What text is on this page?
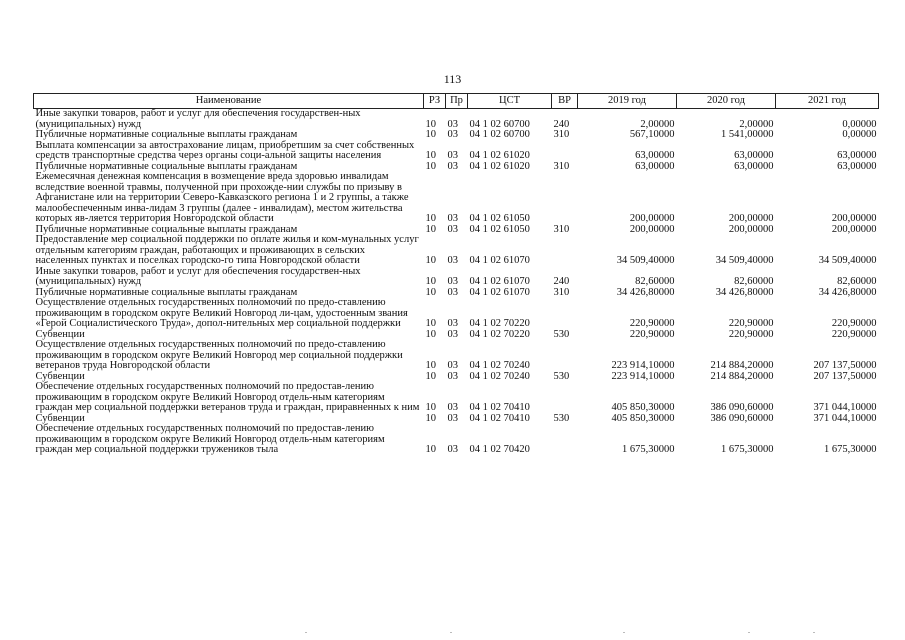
113
Наименование	РЗ	Пр	ЦСТ	ВР	2019 год	2020 год	2021 год
Иные закупки товаров, работ и услуг для обеспечения государствен-ных (муниципальных) нужд	10	03	04 1 02 60700	240	2,00000	2,00000	0,00000
Публичные нормативные социальные выплаты гражданам	10	03	04 1 02 60700	310	567,10000	1 541,00000	0,00000
Выплата компенсации за автострахование лицам, приобретшим за счет собственных средств транспортные средства через органы соци-альной защиты населения	10	03	04 1 02 61020		63,00000	63,00000	63,00000
Публичные нормативные социальные выплаты гражданам	10	03	04 1 02 61020	310	63,00000	63,00000	63,00000
Ежемесячная денежная компенсация в возмещение вреда здоровью инвалидам вследствие военной травмы, полученной при прохожде-нии службы по призыву в Афганистане или на территории Северо-Кавказского региона 1 и 2 группы, а также малообеспеченным инва-лидам 3 группы (далее - инвалидам), местом жительства которых яв-ляется территория Новгородской области	10	03	04 1 02 61050		200,00000	200,00000	200,00000
Публичные нормативные социальные выплаты гражданам	10	03	04 1 02 61050	310	200,00000	200,00000	200,00000
Предоставление мер социальной поддержки по оплате жилья и ком-мунальных услуг отдельным категориям граждан, работающих и проживающих в сельских населенных пунктах и поселках городско-го типа Новгородской области	10	03	04 1 02 61070		34 509,40000	34 509,40000	34 509,40000
Иные закупки товаров, работ и услуг для обеспечения государствен-ных (муниципальных) нужд	10	03	04 1 02 61070	240	82,60000	82,60000	82,60000
Публичные нормативные социальные выплаты гражданам	10	03	04 1 02 61070	310	34 426,80000	34 426,80000	34 426,80000
Осуществление отдельных государственных полномочий по предо-ставлению проживающим в городском округе Великий Новгород ли-цам, удостоенным звания «Герой Социалистического Труда», допол-нительных мер социальной поддержки	10	03	04 1 02 70220		220,90000	220,90000	220,90000
Субвенции	10	03	04 1 02 70220	530	220,90000	220,90000	220,90000
Осуществление отдельных государственных полномочий по предо-ставлению проживающим в городском округе Великий Новгород мер социальной поддержки ветеранов труда Новгородской области	10	03	04 1 02 70240		223 914,10000	214 884,20000	207 137,50000
Субвенции	10	03	04 1 02 70240	530	223 914,10000	214 884,20000	207 137,50000
Обеспечение отдельных государственных полномочий по предостав-лению проживающим в городском округе Великий Новгород отдель-ным категориям граждан мер социальной поддержки ветеранов труда и граждан, приравненных к ним	10	03	04 1 02 70410		405 850,30000	386 090,60000	371 044,10000
Субвенции	10	03	04 1 02 70410	530	405 850,30000	386 090,60000	371 044,10000
Обеспечение отдельных государственных полномочий по предостав-лению проживающим в городском округе Великий Новгород отдель-ным категориям граждан мер социальной поддержки тружеников тыла	10	03	04 1 02 70420		1 675,30000	1 675,30000	1 675,30000
